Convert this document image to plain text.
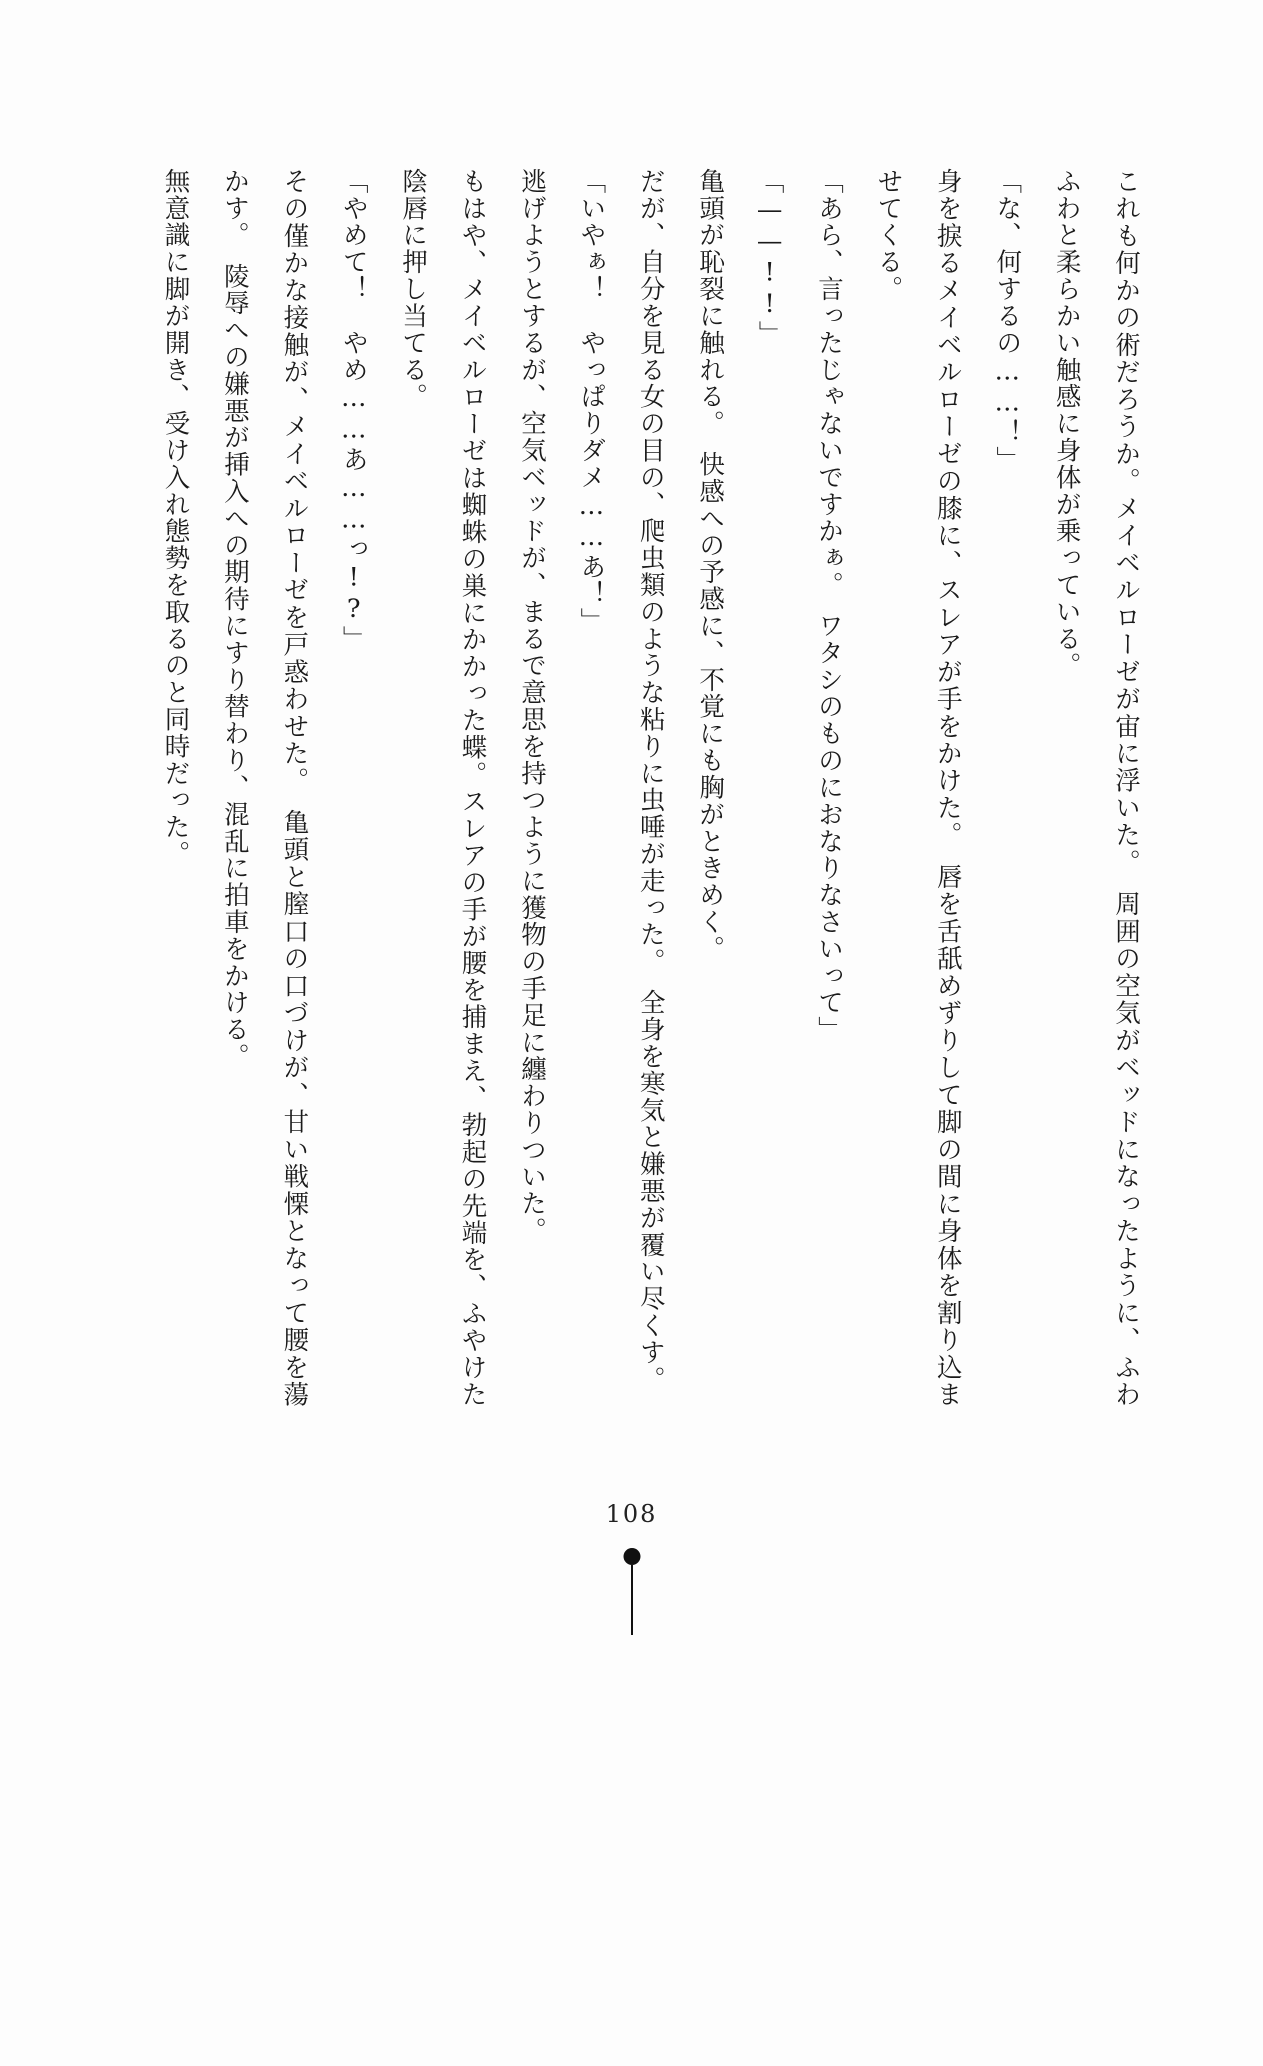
これも何かの術だろうか。メイベルローゼが宙に浮いた。　周囲の空気がベッドになったように、ふわふわと柔らかい触感に身体が乗っている。

「な、何するの……！」

身を捩るメイベルローゼの膝に、スレアが手をかけた。　唇を舌舐めずりして脚の間に身体を割り込ませてくる。

「あら、言ったじゃないですかぁ。　ワタシのものにおなりなさいって」

「——!!」

亀頭が恥裂に触れる。　快感への予感に、不覚にも胸がときめく。

だが、自分を見る女の目の、爬虫類のような粘りに虫唾が走った。　全身を寒気と嫌悪が覆い尽くす。

「いやぁ！　やっぱりダメ……あ！」

逃げようとするが、空気ベッドが、まるで意思を持つように獲物の手足に纏わりついた。

もはや、メイベルローゼは蜘蛛の巣にかかった蝶。スレアの手が腰を捕まえ、勃起の先端を、ふやけた陰唇に押し当てる。

「やめて！　やめ……あ……っ!?」

その僅かな接触が、メイベルローゼを戸惑わせた。　亀頭と膣口の口づけが、甘い戦慄となって腰を蕩かす。　陵辱への嫌悪が挿入への期待にすり替わり、混乱に拍車をかける。

無意識に脚が開き、受け入れ態勢を取るのと同時だった。

108
